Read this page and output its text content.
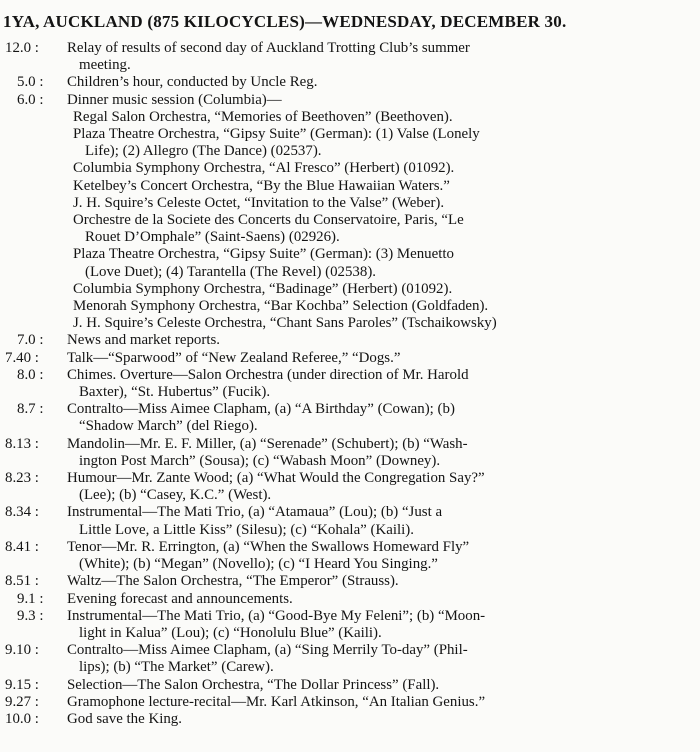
1YA, AUCKLAND (875 KILOCYCLES)—WEDNESDAY, DECEMBER 30.
12.0 :	Relay of results of second day of Auckland Trotting Club’s summer
meeting.
5.0 :	Children’s hour, conducted by Uncle Reg.
6.0 :	Dinner music session (Columbia)—
Regal Salon Orchestra, “Memories of Beethoven” (Beethoven).
Plaza Theatre Orchestra, “Gipsy Suite” (German): (1) Valse (Lonely
Life); (2) Allegro (The Dance) (02537).
Columbia Symphony Orchestra, “Al Fresco” (Herbert) (01092).
Ketelbey’s Concert Orchestra, “By the Blue Hawaiian Waters.”
J. H. Squire’s Celeste Octet, “Invitation to the Valse” (Weber).
Orchestre de la Societe des Concerts du Conservatoire, Paris, “Le
Rouet D’Omphale” (Saint-Saens) (02926).
Plaza Theatre Orchestra, “Gipsy Suite” (German): (3) Menuetto
(Love Duet); (4) Tarantella (The Revel) (02538).
Columbia Symphony Orchestra, “Badinage” (Herbert) (01092).
Menorah Symphony Orchestra, “Bar Kochba” Selection (Goldfaden).
J. H. Squire’s Celeste Orchestra, “Chant Sans Paroles” (Tschaikowsky)
7.0 :	News and market reports.
7.40 :	Talk—“Sparwood” of “New Zealand Referee,” “Dogs.”
8.0 :	Chimes. Overture—Salon Orchestra (under direction of Mr. Harold
Baxter), “St. Hubertus” (Fucik).
8.7 :	Contralto—Miss Aimee Clapham, (a) “A Birthday” (Cowan); (b)
“Shadow March” (del Riego).
8.13 :	Mandolin—Mr. E. F. Miller, (a) “Serenade” (Schubert); (b) “Wash-
ington Post March” (Sousa); (c) “Wabash Moon” (Downey).
8.23 :	Humour—Mr. Zante Wood; (a) “What Would the Congregation Say?”
(Lee); (b) “Casey, K.C.” (West).
8.34 :	Instrumental—The Mati Trio, (a) “Atamaua” (Lou); (b) “Just a
Little Love, a Little Kiss” (Silesu); (c) “Kohala” (Kaili).
8.41 :	Tenor—Mr. R. Errington, (a) “When the Swallows Homeward Fly”
(White); (b) “Megan” (Novello); (c) “I Heard You Singing.”
8.51 :	Waltz—The Salon Orchestra, “The Emperor” (Strauss).
9.1 :	Evening forecast and announcements.
9.3 :	Instrumental—The Mati Trio, (a) “Good-Bye My Feleni”; (b) “Moon-
light in Kalua” (Lou); (c) “Honolulu Blue” (Kaili).
9.10 :	Contralto—Miss Aimee Clapham, (a) “Sing Merrily To-day” (Phil-
lips); (b) “The Market” (Carew).
9.15 :	Selection—The Salon Orchestra, “The Dollar Princess” (Fall).
9.27 :	Gramophone lecture-recital—Mr. Karl Atkinson, “An Italian Genius.”
10.0 :	God save the King.
